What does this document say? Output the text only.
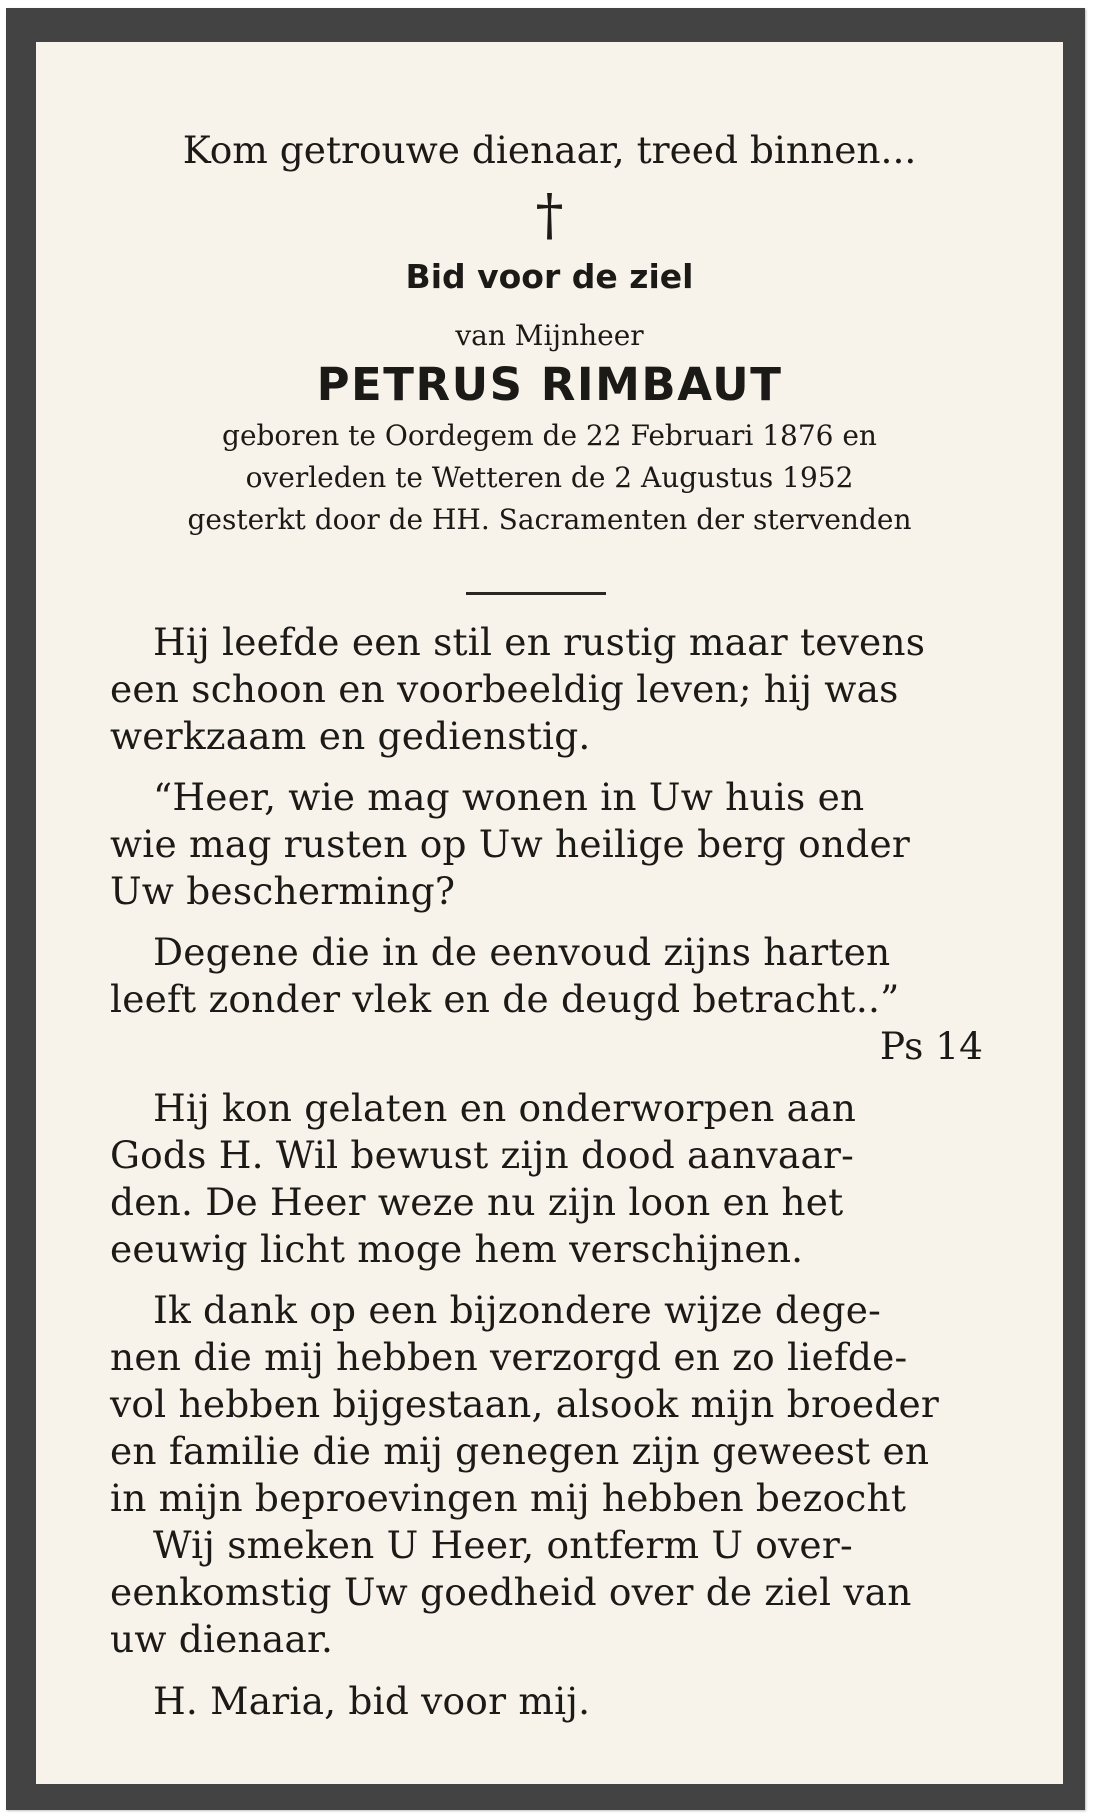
Kom getrouwe dienaar, treed binnen...

†

Bid voor de ziel

van Mijnheer

PETRUS RIMBAUT

geboren te Oordegem de 22 Februari 1876 en

overleden te Wetteren de 2 Augustus 1952

gesterkt door de HH. Sacramenten der stervenden

Hij leefde een stil en rustig maar tevens

een schoon en voorbeeldig leven; hij was

werkzaam en gedienstig.

“Heer, wie mag wonen in Uw huis en

wie mag rusten op Uw heilige berg onder

Uw bescherming?

Degene die in de eenvoud zijns harten

leeft zonder vlek en de deugd betracht..”

Ps 14

Hij kon gelaten en onderworpen aan

Gods H. Wil bewust zijn dood aanvaar-

den. De Heer weze nu zijn loon en het

eeuwig licht moge hem verschijnen.

Ik dank op een bijzondere wijze dege-

nen die mij hebben verzorgd en zo liefde-

vol hebben bijgestaan, alsook mijn broeder

en familie die mij genegen zijn geweest en

in mijn beproevingen mij hebben bezocht

Wij smeken U Heer, ontferm U over-

eenkomstig Uw goedheid over de ziel van

uw dienaar.

H. Maria, bid voor mij.
